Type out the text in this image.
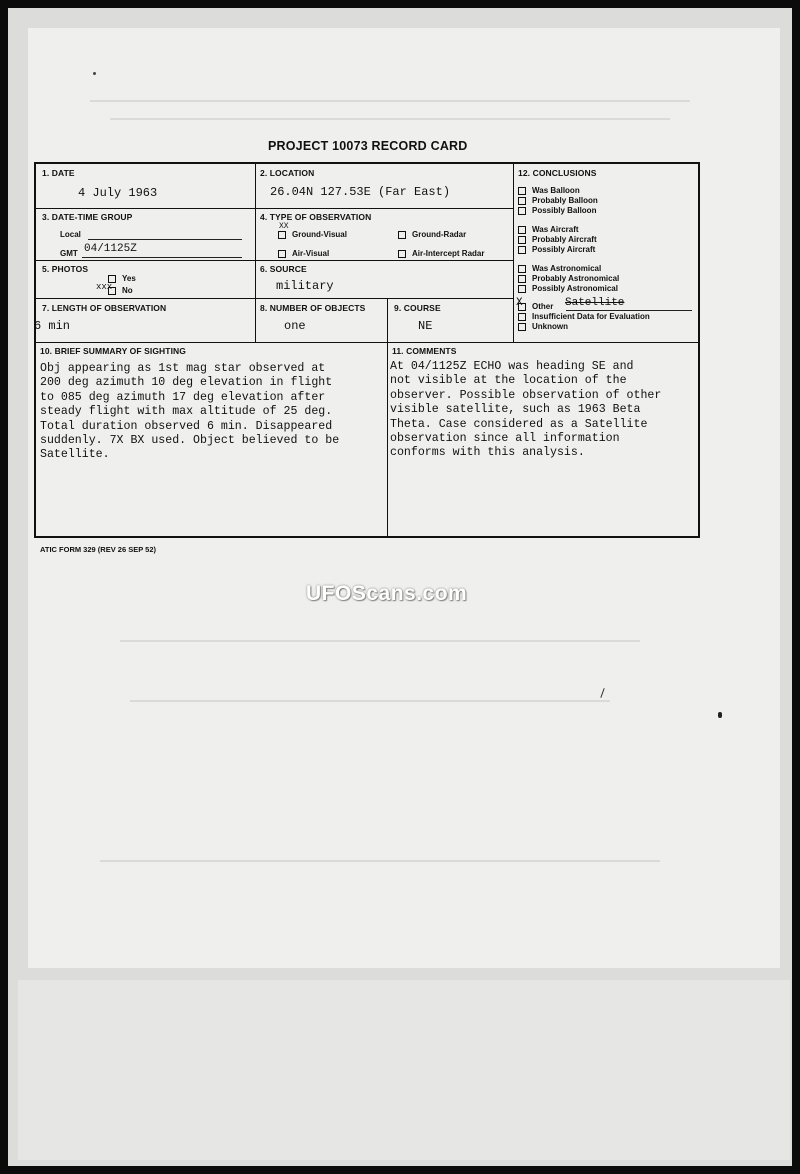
PROJECT 10073 RECORD CARD
1. DATE
4 July 1963
2. LOCATION
26.04N 127.53E (Far East)
3. DATE-TIME GROUP
Local
GMT 04/1125Z
4. TYPE OF OBSERVATION
Ground-Visual
XX
Ground-Radar
Air-Visual	Air-Intercept Radar
5. PHOTOS
Yes
No
xxx
6. SOURCE
military
7. LENGTH OF OBSERVATION
6 min
8. NUMBER OF OBJECTS
one
9. COURSE
NE
12. CONCLUSIONS
Was Balloon
Probably Balloon
Possibly Balloon
Was Aircraft
Probably Aircraft
Possibly Aircraft
Was Astronomical
Probably Astronomical
Possibly Astronomical
Other Satellite
X
Insufficient Data for Evaluation
Unknown
10. BRIEF SUMMARY OF SIGHTING
Obj appearing as 1st mag star observed at
200 deg azimuth 10 deg elevation in flight
to 085 deg azimuth 17 deg elevation after
steady flight with max altitude of 25 deg.
Total duration observed 6 min. Disappeared
suddenly. 7X BX used. Object believed to be
Satellite.
11. COMMENTS
At 04/1125Z ECHO was heading SE and
not visible at the location of the
observer. Possible observation of other
visible satellite, such as 1963 Beta
Theta. Case considered as a Satellite
observation since all information
conforms with this analysis.
ATIC FORM 329 (REV 26 SEP 52)
UFOScans.com
